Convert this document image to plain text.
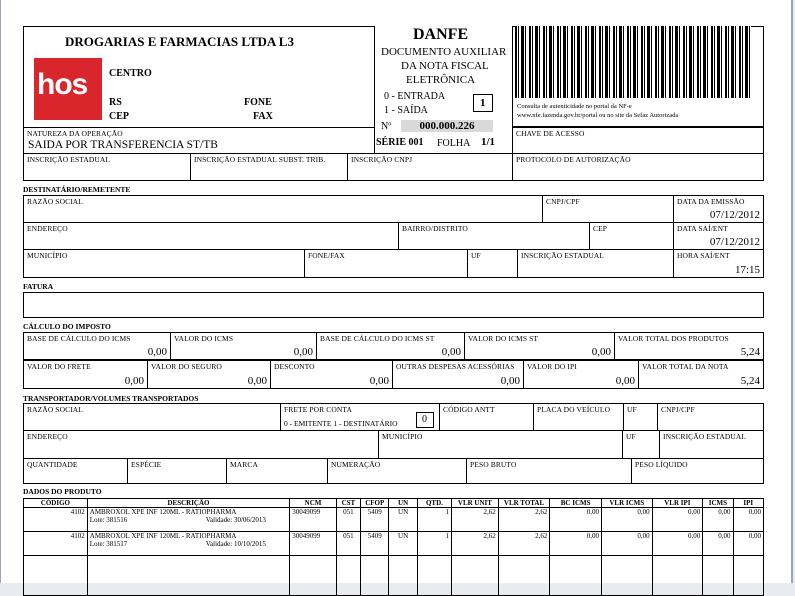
DROGARIAS E FARMACIAS LTDA L3
hos CENTRO
RS
CEP
FONE
FAX
DANFE
DOCUMENTO AUXILIAR
DA NOTA FISCAL
ELETRÔNICA
0 - ENTRADA
1 - SAÍDA
1
Nº	000.000.226
SÉRIE 001 FOLHA 1/1
Consulta de autenticidade no portal da NF-e
www.nfe.fazenda.gov.br/portal ou no site da Sefaz Autorizada
NATUREZA DA OPERAÇÃO
SAIDA POR TRANSFERENCIA ST/TB
CHAVE DE ACESSO
INSCRIÇÃO ESTADUAL	INSCRIÇÃO ESTADUAL SUBST. TRIB.	INSCRIÇÃO CNPJ	PROTOCOLO DE AUTORIZAÇÃO
DESTINATÁRIO/REMETENTE
RAZÃO SOCIAL	CNPJ/CPF	DATA DA EMISSÃO
07/12/2012
ENDEREÇO	BAIRRO/DISTRITO	CEP	DATA SAÍ/ENT
07/12/2012
MUNICÍPIO	FONE/FAX	UF	INSCRIÇÃO ESTADUAL	HORA SAÍ/ENT
17:15
FATURA
CÁLCULO DO IMPOSTO
BASE DE CÁLCULO DO ICMS
0,00
VALOR DO ICMS
0,00
BASE DE CÁLCULO DO ICMS ST
0,00
VALOR DO ICMS ST
0,00
VALOR TOTAL DOS PRODUTOS
5,24
VALOR DO FRETE
0,00
VALOR DO SEGURO
0,00
DESCONTO
0,00
OUTRAS DESPESAS ACESSÓRIAS
0,00
VALOR DO IPI
0,00
VALOR TOTAL DA NOTA
5,24
TRANSPORTADOR/VOLUMES TRANSPORTADOS
RAZÃO SOCIAL	FRETE POR CONTA
0 - EMITENTE 1 - DESTINATÁRIO 0
CÓDIGO ANTT	PLACA DO VEÍCULO UF	CNPJ/CPF
ENDEREÇO	MUNICÍPIO	UF	INSCRIÇÃO ESTADUAL
QUANTIDADE	ESPÉCIE	MARCA	NUMERAÇÃO	PESO BRUTO	PESO LÍQUIDO
DADOS DO PRODUTO
CÓDIGO	DESCRIÇÃO	NCM	CST	CFOP	UN	QTD.	VLR UNIT	VLR TOTAL	BC ICMS	VLR ICMS	VLR IPI	ICMS	IPI
4102	AMBROXOL XPE INF 120ML - RATIOPHARMA
Lote: 381516 Validade: 30/06/2013	30049099	051	5409	UN	1	2,62	2,62	0,00	0,00	0,00	0,00	0,00
4102	AMBROXOL XPE INF 120ML - RATIOPHARMA
Lote: 381517 Validade: 10/10/2015	30049099	051	5409	UN	1	2,62	2,62	0,00	0,00	0,00	0,00	0,00
